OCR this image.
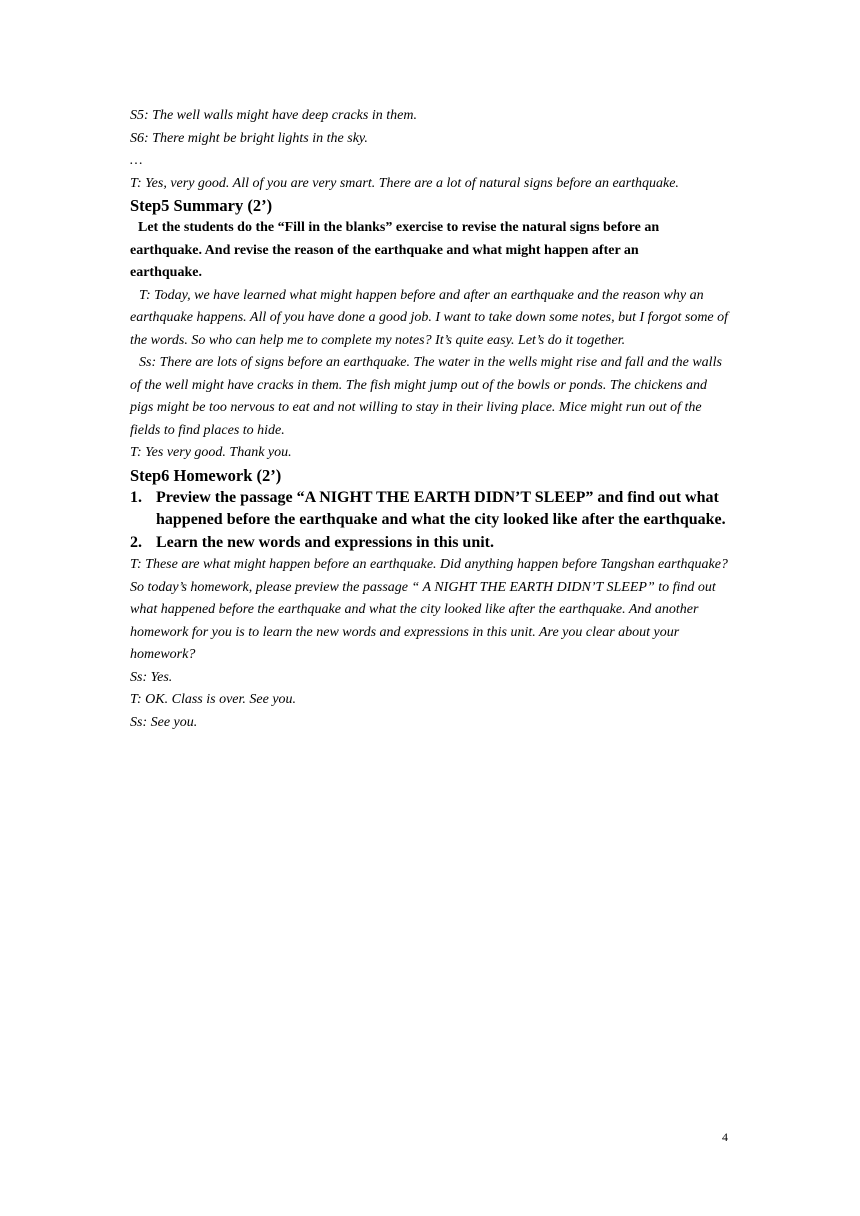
S5: The well walls might have deep cracks in them.

S6: There might be bright lights in the sky.

…

T: Yes, very good. All of you are very smart. There are a lot of natural signs before an earthquake.

Step5 Summary (2’)

Let the students do the “Fill in the blanks” exercise to revise the natural signs before an
earthquake. And revise the reason of the earthquake and what might happen after an
earthquake.

T: Today, we have learned what might happen before and after an earthquake and the reason why an earthquake happens. All of you have done a good job. I want to take down some notes, but I forgot some of the words. So who can help me to complete my notes? It’s quite easy. Let’s do it together.

Ss: There are lots of signs before an earthquake. The water in the wells might rise and fall and the walls of the well might have cracks in them. The fish might jump out of the bowls or ponds. The chickens and pigs might be too nervous to eat and not willing to stay in their living place. Mice might run out of the fields to find places to hide.

T: Yes very good. Thank you.

Step6 Homework (2’)

1. Preview the passage “A NIGHT THE EARTH DIDN’T SLEEP” and find out what happened before the earthquake and what the city looked like after the earthquake.
2. Learn the new words and expressions in this unit.

T: These are what might happen before an earthquake. Did anything happen before Tangshan earthquake? So today’s homework, please preview the passage “ A NIGHT THE EARTH DIDN’T SLEEP” to find out what happened before the earthquake and what the city looked like after the earthquake. And another homework for you is to learn the new words and expressions in this unit. Are you clear about your homework?

Ss: Yes.

T: OK. Class is over. See you.

Ss: See you.

4
